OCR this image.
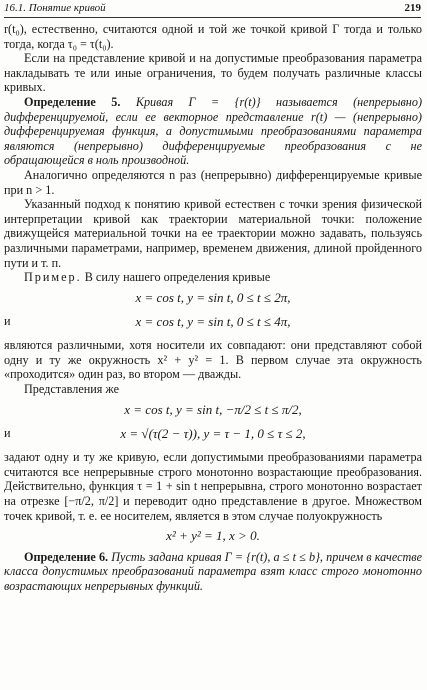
16.1. Понятие кривой	219

r(t₀), естественно, считаются одной и той же точкой кривой Γ тогда и только тогда, когда τ₀ = τ(t₀).

Если на представление кривой и на допустимые преобразования параметра накладывать те или иные ограничения, то будем получать различные классы кривых.

Определение 5. Кривая Γ = {r(t)} называется (непрерывно) дифференцируемой, если ее векторное представление r(t) — (непрерывно) дифференцируемая функция, а допустимыми преобразованиями параметра являются (непрерывно) дифференцируемые преобразования с не обращающейся в ноль производной.

Аналогично определяются n раз (непрерывно) дифференцируемые кривые при n > 1.

Указанный подход к понятию кривой естествен с точки зрения физической интерпретации кривой как траектории материальной точки: положение движущейся материальной точки на ее траектории можно задавать, пользуясь различными параметрами, например, временем движения, длиной пройденного пути и т. п.

Пример. В силу нашего определения кривые

x = cos t, y = sin t, 0 ≤ t ≤ 2π,
и	x = cos t, y = sin t, 0 ≤ t ≤ 4π,

являются различными, хотя носители их совпадают: они представляют собой одну и ту же окружность x² + y² = 1. В первом случае эта окружность «проходится» один раз, во втором — дважды.

Представления же

x = cos t, y = sin t, −π/2 ≤ t ≤ π/2,
и	x = √(τ(2 − τ)), y = τ − 1, 0 ≤ τ ≤ 2,

задают одну и ту же кривую, если допустимыми преобразованиями параметра считаются все непрерывные строго монотонно возрастающие преобразования. Действительно, функция τ = 1 + sin t непрерывна, строго монотонно возрастает на отрезке [−π/2, π/2] и переводит одно представление в другое. Множеством точек кривой, т. е. ее носителем, является в этом случае полуокружность

x² + y² = 1, x > 0.

Определение 6. Пусть задана кривая Γ = {r(t), a ≤ t ≤ b}, причем в качестве класса допустимых преобразований параметра взят класс строго монотонно возрастающих непрерывных функций.
